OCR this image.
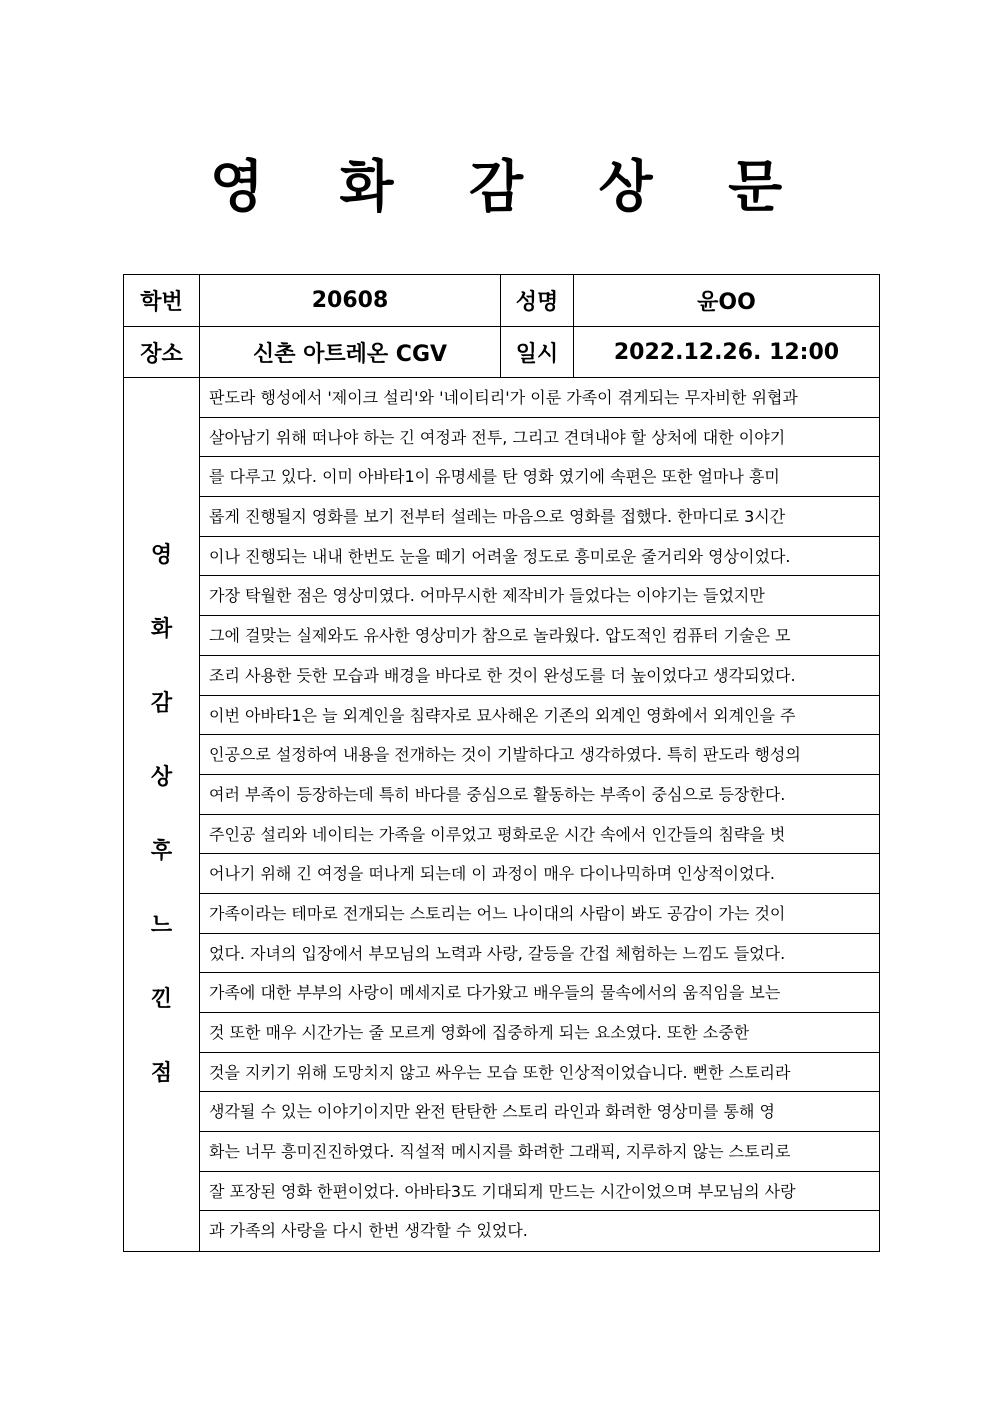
영 화 감 상 문
학번	20608	성명	윤OO
장소	신촌 아트레온 CGV	일시	2022.12.26. 12:00
영
화
감
상
후
느
낀
점
판도라 행성에서 '제이크 설리'와 '네이티리'가 이룬 가족이 겪게되는 무자비한 위협과
살아남기 위해 떠나야 하는 긴 여정과 전투, 그리고 견뎌내야 할 상처에 대한 이야기
를 다루고 있다. 이미 아바타1이 유명세를 탄 영화 였기에 속편은 또한 얼마나 흥미
롭게 진행될지 영화를 보기 전부터 설레는 마음으로 영화를 접했다. 한마디로 3시간
이나 진행되는 내내 한번도 눈을 떼기 어려울 정도로 흥미로운 줄거리와 영상이었다.
가장 탁월한 점은 영상미였다. 어마무시한 제작비가 들었다는 이야기는 들었지만
그에 걸맞는 실제와도 유사한 영상미가 참으로 놀라웠다. 압도적인 컴퓨터 기술은 모
조리 사용한 듯한 모습과 배경을 바다로 한 것이 완성도를 더 높이었다고 생각되었다.
이번 아바타1은 늘 외계인을 침략자로 묘사해온 기존의 외계인 영화에서 외계인을 주
인공으로 설정하여 내용을 전개하는 것이 기발하다고 생각하였다. 특히 판도라 행성의
여러 부족이 등장하는데 특히 바다를 중심으로 활동하는 부족이 중심으로 등장한다.
주인공 설리와 네이티는 가족을 이루었고 평화로운 시간 속에서 인간들의 침략을 벗
어나기 위해 긴 여정을 떠나게 되는데 이 과정이 매우 다이나믹하며 인상적이었다.
가족이라는 테마로 전개되는 스토리는 어느 나이대의 사람이 봐도 공감이 가는 것이
었다. 자녀의 입장에서 부모님의 노력과 사랑, 갈등을 간접 체험하는 느낌도 들었다.
가족에 대한 부부의 사랑이 메세지로 다가왔고 배우들의 물속에서의 움직임을 보는
것 또한 매우 시간가는 줄 모르게 영화에 집중하게 되는 요소였다. 또한 소중한
것을 지키기 위해 도망치지 않고 싸우는 모습 또한 인상적이었습니다. 뻔한 스토리라
생각될 수 있는 이야기이지만 완전 탄탄한 스토리 라인과 화려한 영상미를 통해 영
화는 너무 흥미진진하였다. 직설적 메시지를 화려한 그래픽, 지루하지 않는 스토리로
잘 포장된 영화 한편이었다. 아바타3도 기대되게 만드는 시간이었으며 부모님의 사랑
과 가족의 사랑을 다시 한번 생각할 수 있었다.
